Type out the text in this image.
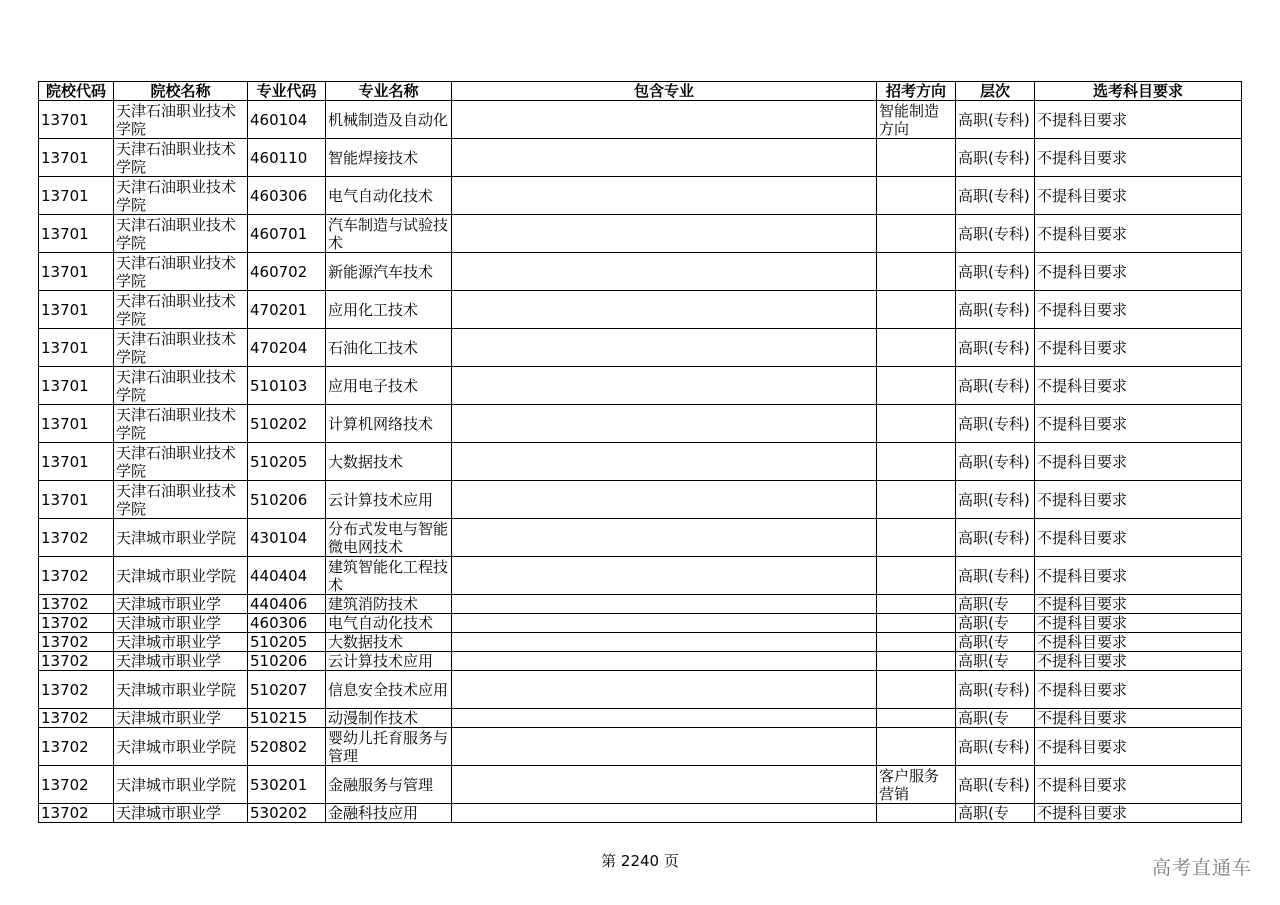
院校代码	院校名称	专业代码	专业名称	包含专业	招考方向	层次	选考科目要求

13701	天津石油职业技术学院	460104	机械制造及自动化		智能制造方向	高职(专科)	不提科目要求

13701	天津石油职业技术学院	460110	智能焊接技术			高职(专科)	不提科目要求

13701	天津石油职业技术学院	460306	电气自动化技术			高职(专科)	不提科目要求

13701	天津石油职业技术学院	460701	汽车制造与试验技术			高职(专科)	不提科目要求

13701	天津石油职业技术学院	460702	新能源汽车技术			高职(专科)	不提科目要求

13701	天津石油职业技术学院	470201	应用化工技术			高职(专科)	不提科目要求

13701	天津石油职业技术学院	470204	石油化工技术			高职(专科)	不提科目要求

13701	天津石油职业技术学院	510103	应用电子技术			高职(专科)	不提科目要求

13701	天津石油职业技术学院	510202	计算机网络技术			高职(专科)	不提科目要求

13701	天津石油职业技术学院	510205	大数据技术			高职(专科)	不提科目要求

13701	天津石油职业技术学院	510206	云计算技术应用			高职(专科)	不提科目要求

13702	天津城市职业学院	430104	分布式发电与智能微电网技术			高职(专科)	不提科目要求

13702	天津城市职业学院	440404	建筑智能化工程技术			高职(专科)	不提科目要求

13702	天津城市职业学	440406	建筑消防技术			高职(专	不提科目要求

13702	天津城市职业学	460306	电气自动化技术			高职(专	不提科目要求

13702	天津城市职业学	510205	大数据技术			高职(专	不提科目要求

13702	天津城市职业学	510206	云计算技术应用			高职(专	不提科目要求

13702	天津城市职业学院	510207	信息安全技术应用			高职(专科)	不提科目要求

13702	天津城市职业学	510215	动漫制作技术			高职(专	不提科目要求

13702	天津城市职业学院	520802	婴幼儿托育服务与管理			高职(专科)	不提科目要求

13702	天津城市职业学院	530201	金融服务与管理		客户服务营销	高职(专科)	不提科目要求

13702	天津城市职业学	530202	金融科技应用			高职(专	不提科目要求
第 2240 页	高考直通车
